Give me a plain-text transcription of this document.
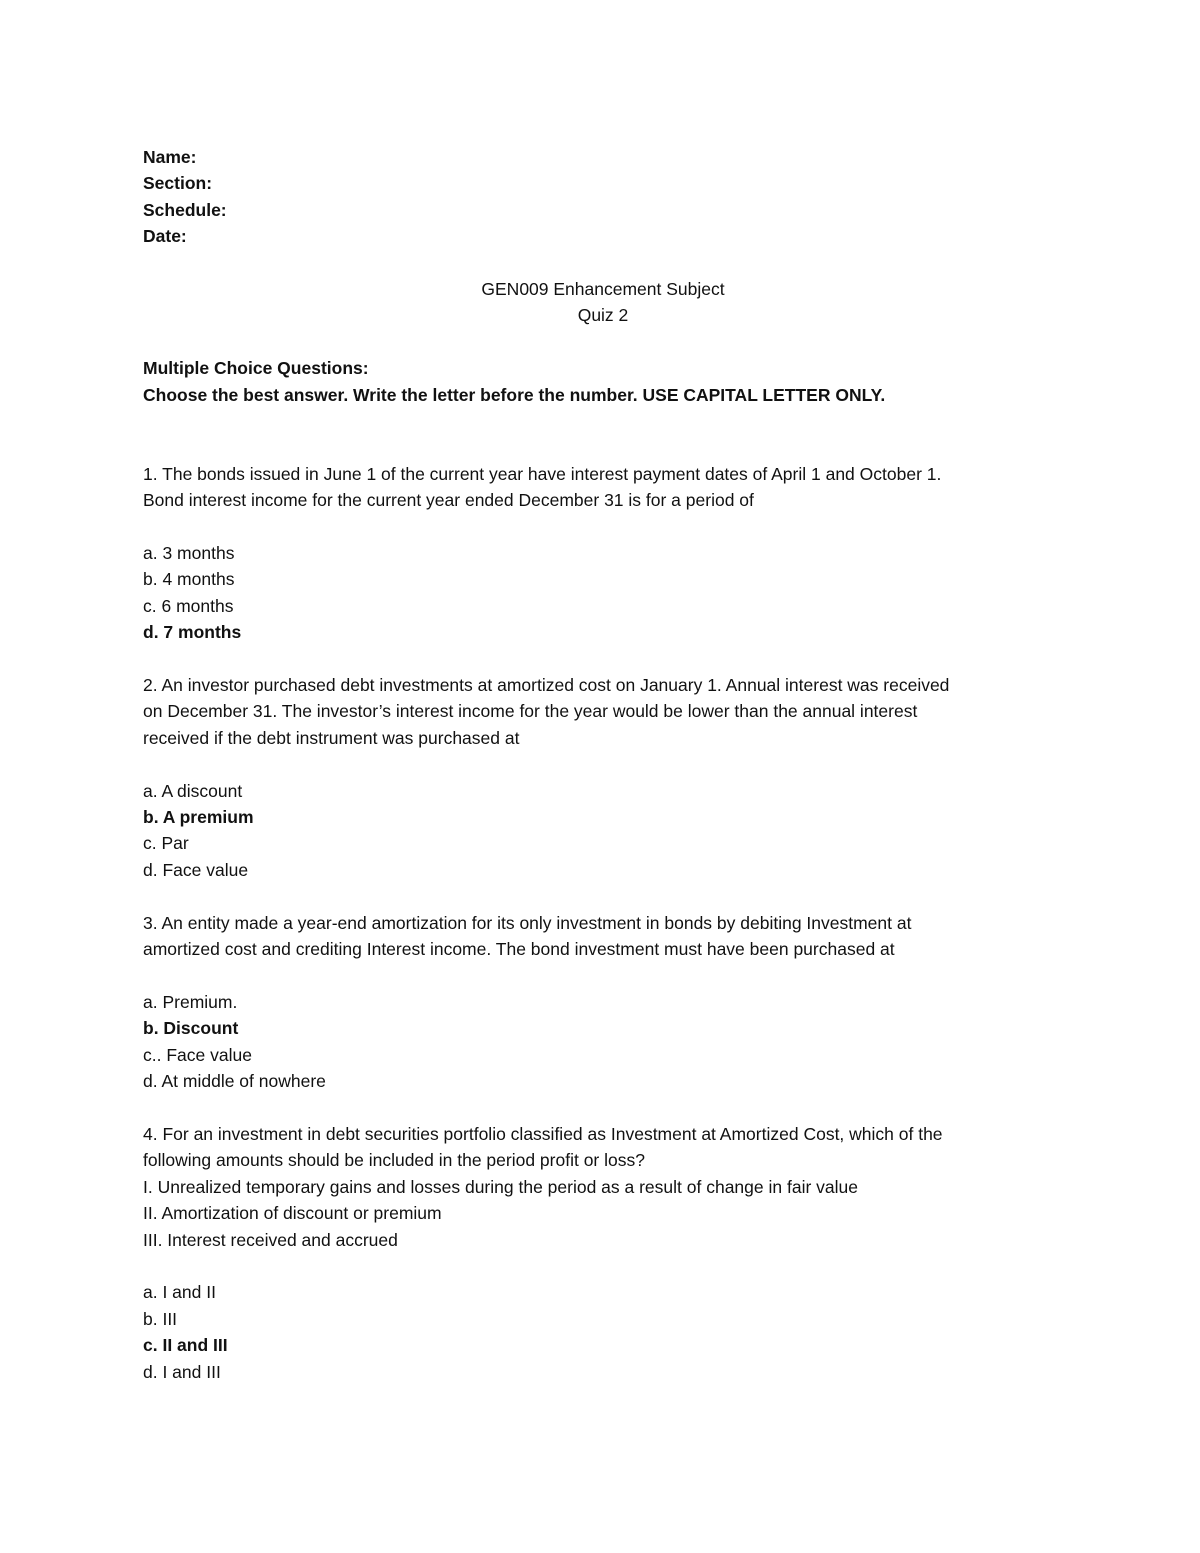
Name:
Section:
Schedule:
Date:
GEN009 Enhancement Subject
Quiz 2
Multiple Choice Questions:
Choose the best answer. Write the letter before the number. USE CAPITAL LETTER ONLY.
1. The bonds issued in June 1 of the current year have interest payment dates of April 1 and October 1.
Bond interest income for the current year ended December 31 is for a period of
a. 3 months
b. 4 months
c. 6 months
d. 7 months
2. An investor purchased debt investments at amortized cost on January 1. Annual interest was received
on December 31. The investor’s interest income for the year would be lower than the annual interest
received if the debt instrument was purchased at
a. A discount
b. A premium
c. Par
d. Face value
3. An entity made a year-end amortization for its only investment in bonds by debiting Investment at
amortized cost and crediting Interest income. The bond investment must have been purchased at
a. Premium.
b. Discount
c.. Face value
d. At middle of nowhere
4. For an investment in debt securities portfolio classified as Investment at Amortized Cost, which of the
following amounts should be included in the period profit or loss?
I. Unrealized temporary gains and losses during the period as a result of change in fair value
II. Amortization of discount or premium
III. Interest received and accrued
a. I and II
b. III
c. II and III
d. I and III
